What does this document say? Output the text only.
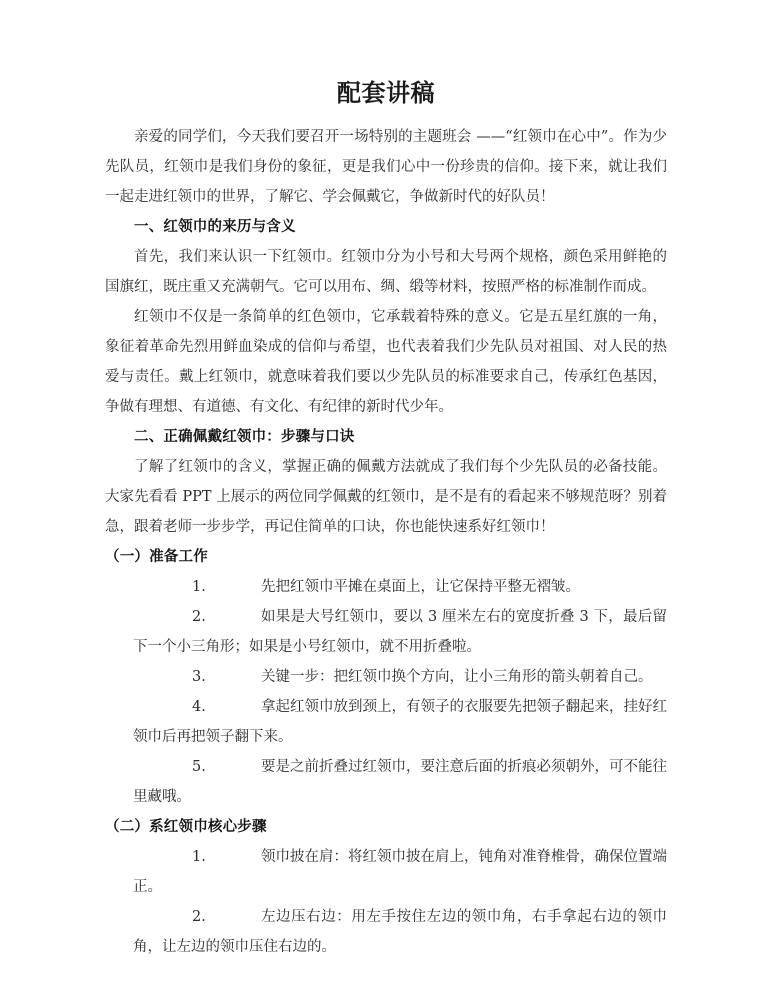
配套讲稿

亲爱的同学们，今天我们要召开一场特别的主题班会 ——“红领巾在心中”。作为少先队员，红领巾是我们身份的象征，更是我们心中一份珍贵的信仰。接下来，就让我们一起走进红领巾的世界，了解它、学会佩戴它，争做新时代的好队员！

一、红领巾的来历与含义

首先，我们来认识一下红领巾。红领巾分为小号和大号两个规格，颜色采用鲜艳的国旗红，既庄重又充满朝气。它可以用布、绸、缎等材料，按照严格的标准制作而成。

红领巾不仅是一条简单的红色领巾，它承载着特殊的意义。它是五星红旗的一角，象征着革命先烈用鲜血染成的信仰与希望，也代表着我们少先队员对祖国、对人民的热爱与责任。戴上红领巾，就意味着我们要以少先队员的标准要求自己，传承红色基因，争做有理想、有道德、有文化、有纪律的新时代少年。

二、正确佩戴红领巾：步骤与口诀

了解了红领巾的含义，掌握正确的佩戴方法就成了我们每个少先队员的必备技能。大家先看看 PPT 上展示的两位同学佩戴的红领巾，是不是有的看起来不够规范呀？别着急，跟着老师一步步学，再记住简单的口诀，你也能快速系好红领巾！

（一）准备工作
1.	先把红领巾平摊在桌面上，让它保持平整无褶皱。
2.	如果是大号红领巾，要以 3 厘米左右的宽度折叠 3 下，最后留下一个小三角形；如果是小号红领巾，就不用折叠啦。
3.	关键一步：把红领巾换个方向，让小三角形的箭头朝着自己。
4.	拿起红领巾放到颈上，有领子的衣服要先把领子翻起来，挂好红领巾后再把领子翻下来。
5.	要是之前折叠过红领巾，要注意后面的折痕必须朝外，可不能往里藏哦。
（二）系红领巾核心步骤
1.	领巾披在肩：将红领巾披在肩上，钝角对准脊椎骨，确保位置端正。
2.	左边压右边：用左手按住左边的领巾角，右手拿起右边的领巾角，让左边的领巾压住右边的。
